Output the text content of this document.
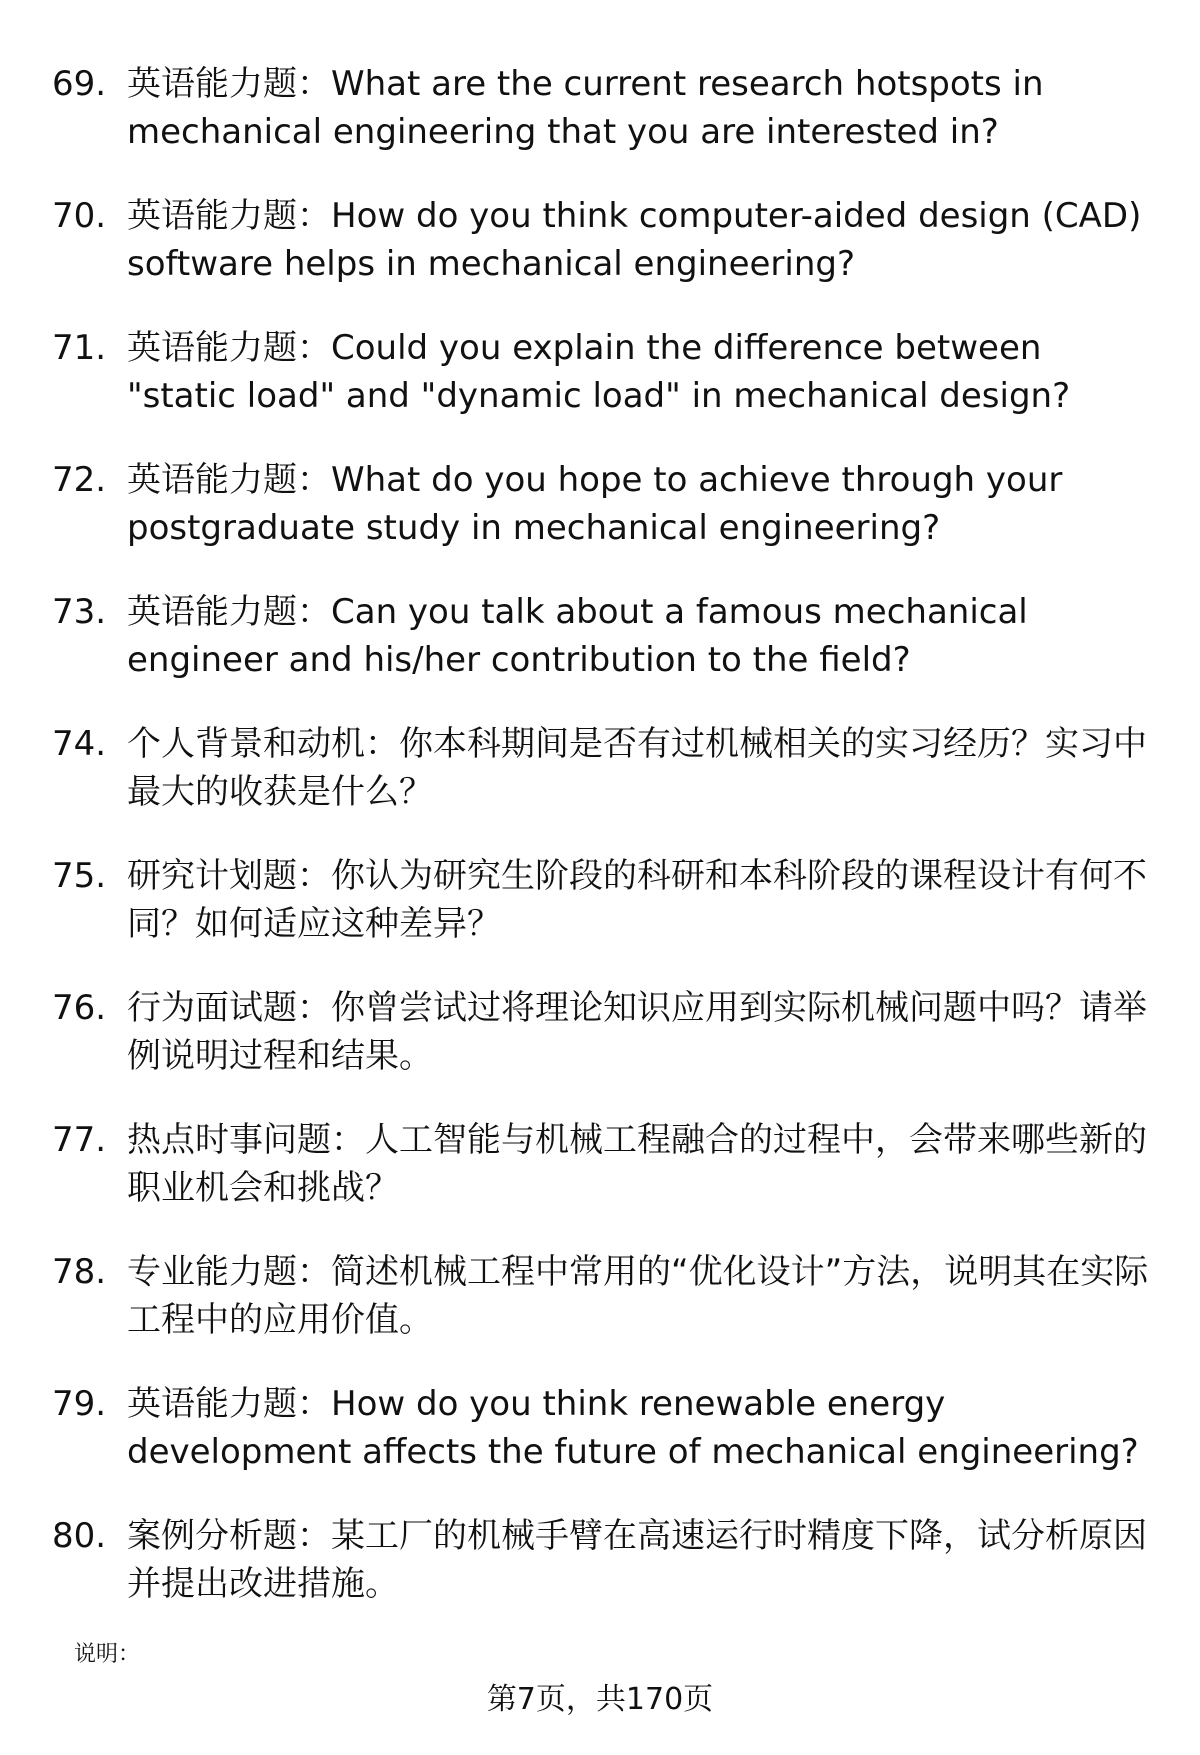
69. 英语能力题：What are the current research hotspots in mechanical engineering that you are interested in?
70. 英语能力题：How do you think computer-aided design (CAD) software helps in mechanical engineering?
71. 英语能力题：Could you explain the difference between "static load" and "dynamic load" in mechanical design?
72. 英语能力题：What do you hope to achieve through your postgraduate study in mechanical engineering?
73. 英语能力题：Can you talk about a famous mechanical engineer and his/her contribution to the field?
74. 个人背景和动机：你本科期间是否有过机械相关的实习经历？实习中最大的收获是什么？
75. 研究计划题：你认为研究生阶段的科研和本科阶段的课程设计有何不同？如何适应这种差异？
76. 行为面试题：你曾尝试过将理论知识应用到实际机械问题中吗？请举例说明过程和结果。
77. 热点时事问题：人工智能与机械工程融合的过程中，会带来哪些新的职业机会和挑战？
78. 专业能力题：简述机械工程中常用的“优化设计”方法，说明其在实际工程中的应用价值。
79. 英语能力题：How do you think renewable energy development affects the future of mechanical engineering?
80. 案例分析题：某工厂的机械手臂在高速运行时精度下降，试分析原因并提出改进措施。
说明：
第7页，共170页
